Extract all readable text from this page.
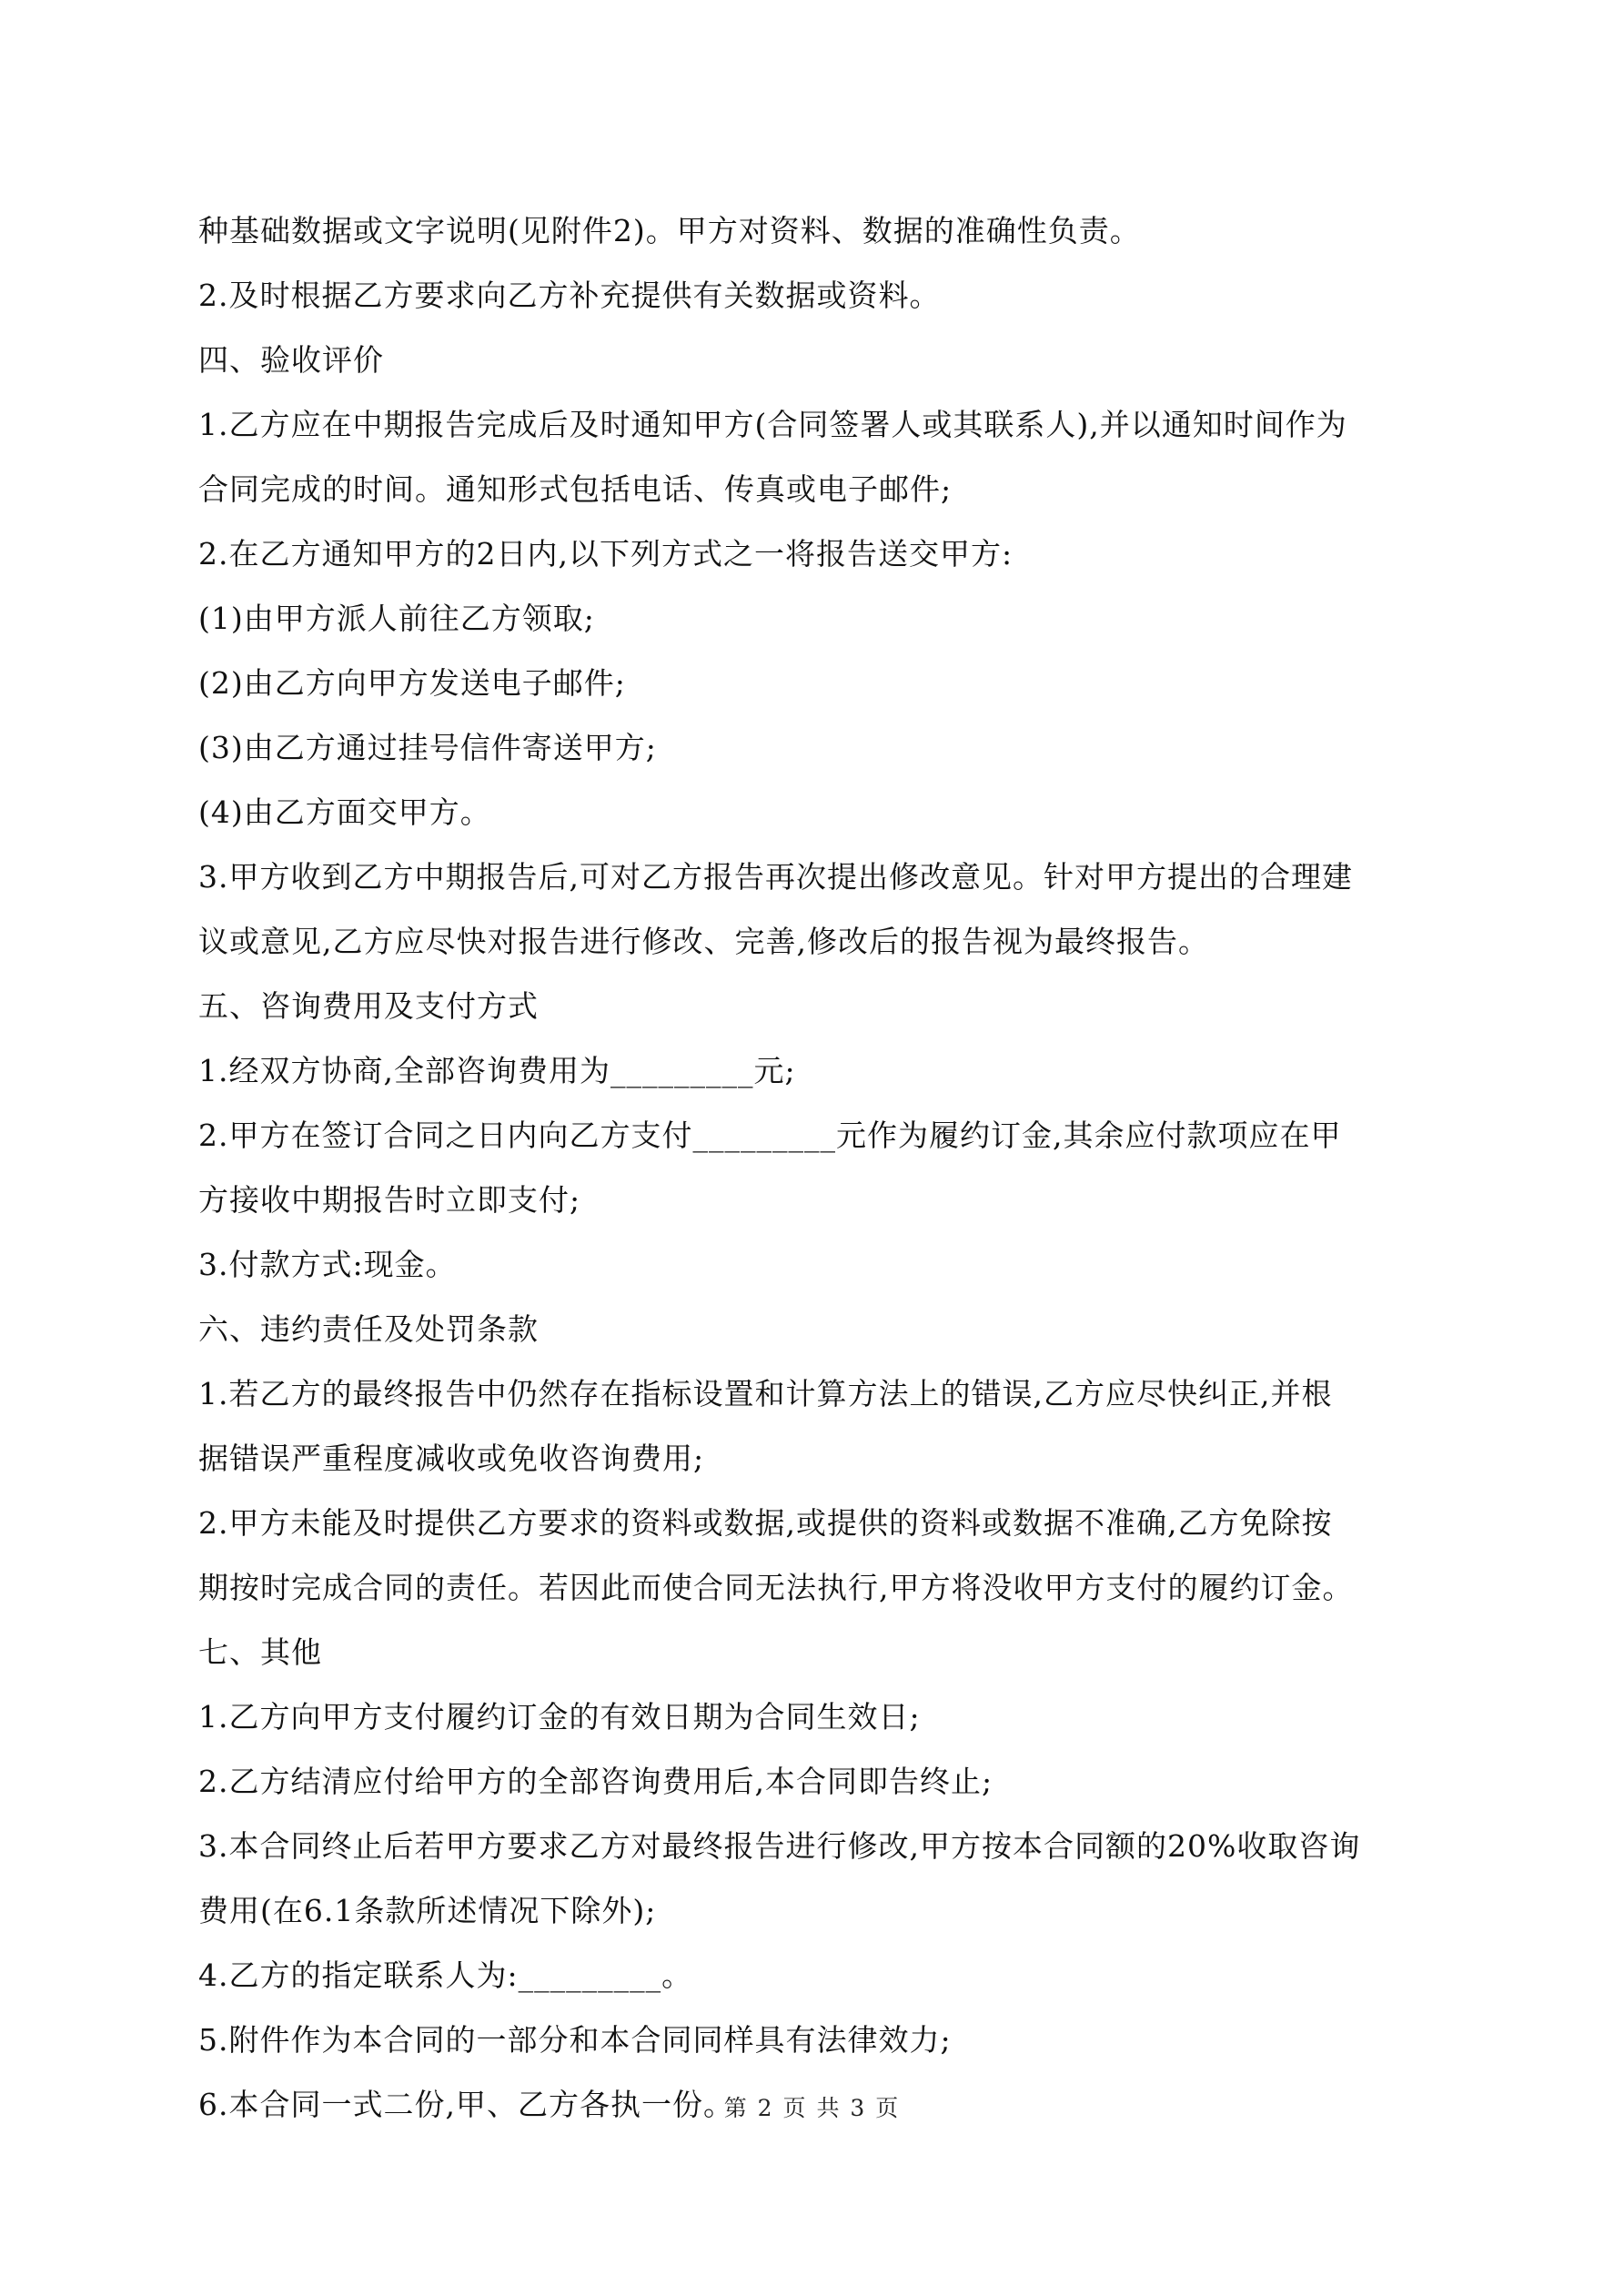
种基础数据或文字说明(见附件2)。甲方对资料、数据的准确性负责。
2.及时根据乙方要求向乙方补充提供有关数据或资料。
四、验收评价
1.乙方应在中期报告完成后及时通知甲方(合同签署人或其联系人),并以通知时间作为
合同完成的时间。通知形式包括电话、传真或电子邮件;
2.在乙方通知甲方的2日内,以下列方式之一将报告送交甲方:
(1)由甲方派人前往乙方领取;
(2)由乙方向甲方发送电子邮件;
(3)由乙方通过挂号信件寄送甲方;
(4)由乙方面交甲方。
3.甲方收到乙方中期报告后,可对乙方报告再次提出修改意见。针对甲方提出的合理建
议或意见,乙方应尽快对报告进行修改、完善,修改后的报告视为最终报告。
五、咨询费用及支付方式
1.经双方协商,全部咨询费用为_________元;
2.甲方在签订合同之日内向乙方支付_________元作为履约订金,其余应付款项应在甲
方接收中期报告时立即支付;
3.付款方式:现金。
六、违约责任及处罚条款
1.若乙方的最终报告中仍然存在指标设置和计算方法上的错误,乙方应尽快纠正,并根
据错误严重程度减收或免收咨询费用;
2.甲方未能及时提供乙方要求的资料或数据,或提供的资料或数据不准确,乙方免除按
期按时完成合同的责任。若因此而使合同无法执行,甲方将没收甲方支付的履约订金。
七、其他
1.乙方向甲方支付履约订金的有效日期为合同生效日;
2.乙方结清应付给甲方的全部咨询费用后,本合同即告终止;
3.本合同终止后若甲方要求乙方对最终报告进行修改,甲方按本合同额的20%收取咨询
费用(在6.1条款所述情况下除外);
4.乙方的指定联系人为:_________。
5.附件作为本合同的一部分和本合同同样具有法律效力;
6.本合同一式二份,甲、乙方各执一份。
第 2 页 共 3 页
